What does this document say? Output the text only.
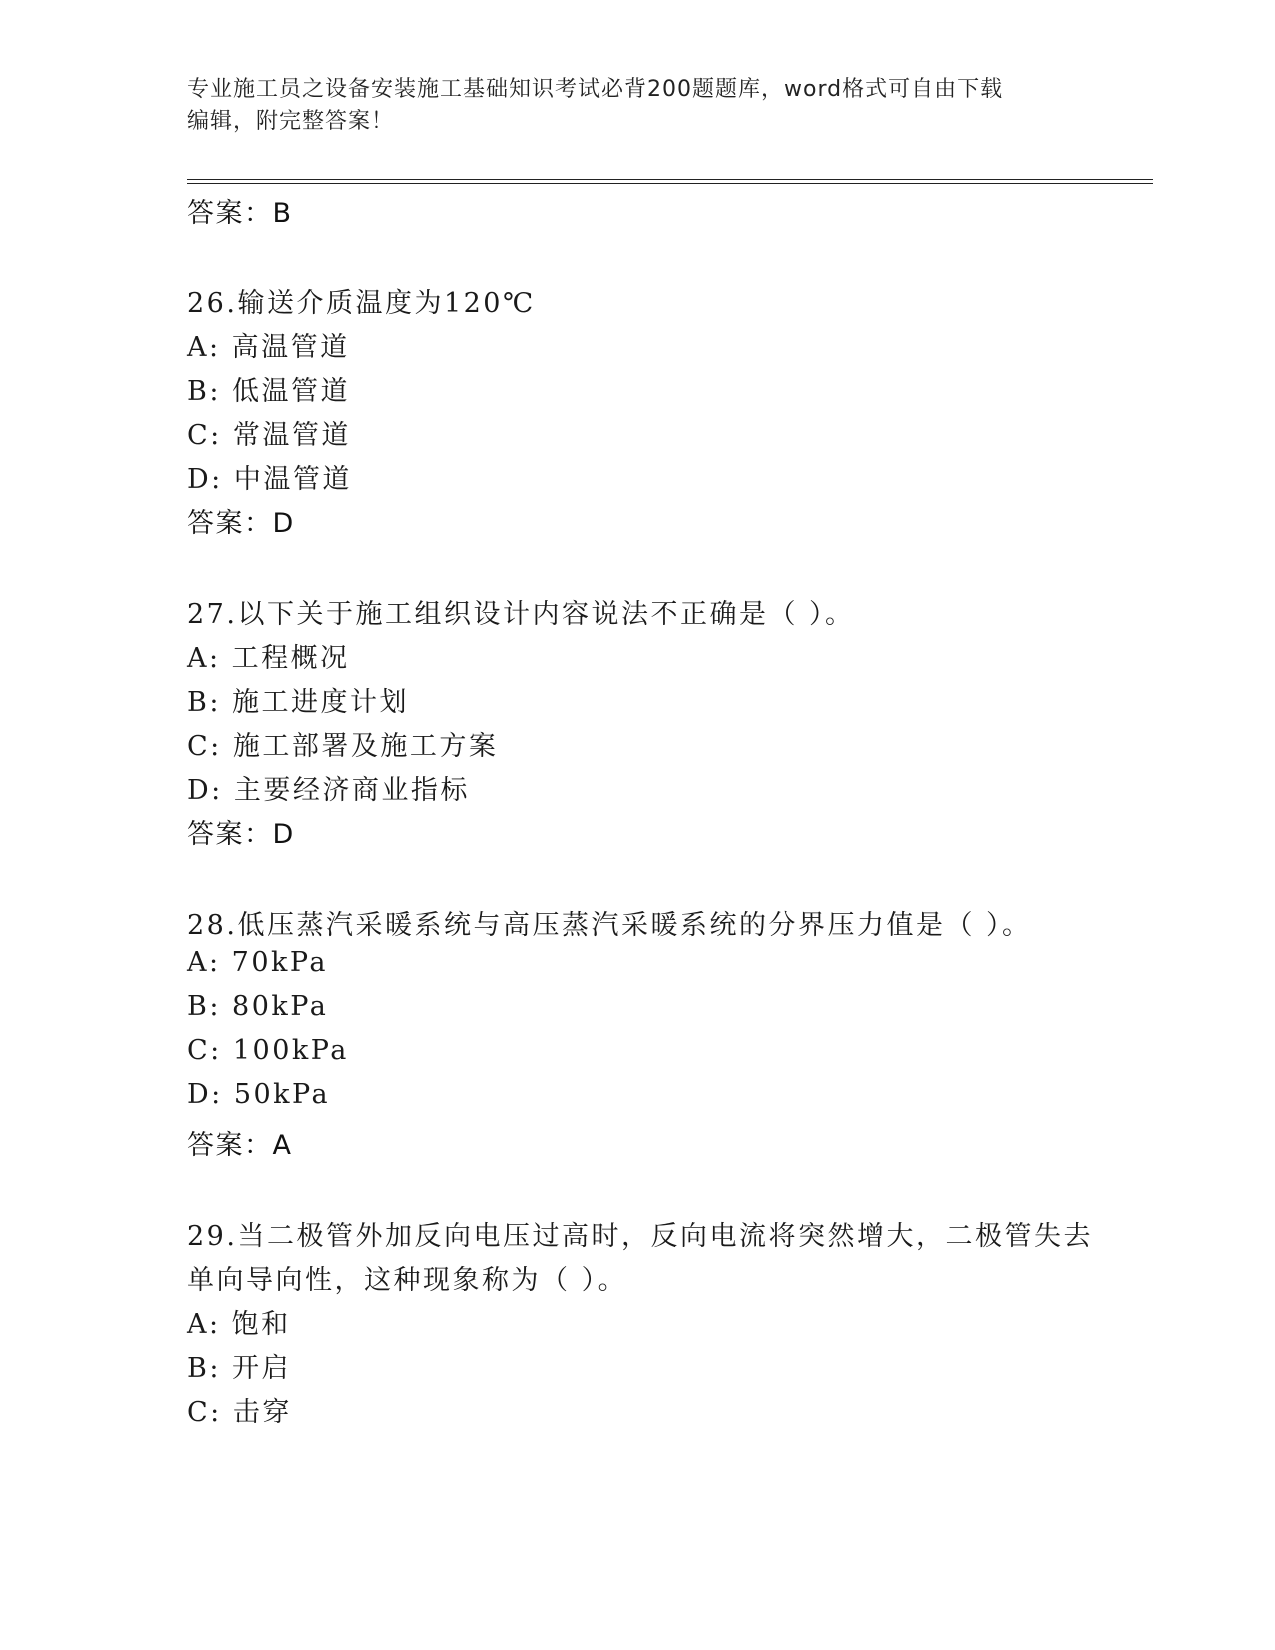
专业施工员之设备安装施工基础知识考试必背200题题库，word格式可自由下载
编辑，附完整答案！
答案：B
26.输送介质温度为120℃
A: 高温管道
B: 低温管道
C: 常温管道
D: 中温管道
答案：D
27.以下关于施工组织设计内容说法不正确是（ ）。
A: 工程概况
B: 施工进度计划
C: 施工部署及施工方案
D: 主要经济商业指标
答案：D
28.低压蒸汽采暖系统与高压蒸汽采暖系统的分界压力值是（ ）。
A: 70kPa
B: 80kPa
C: 100kPa
D: 50kPa
答案：A
29.当二极管外加反向电压过高时，反向电流将突然增大，二极管失去
单向导向性，这种现象称为（ ）。
A: 饱和
B: 开启
C: 击穿
